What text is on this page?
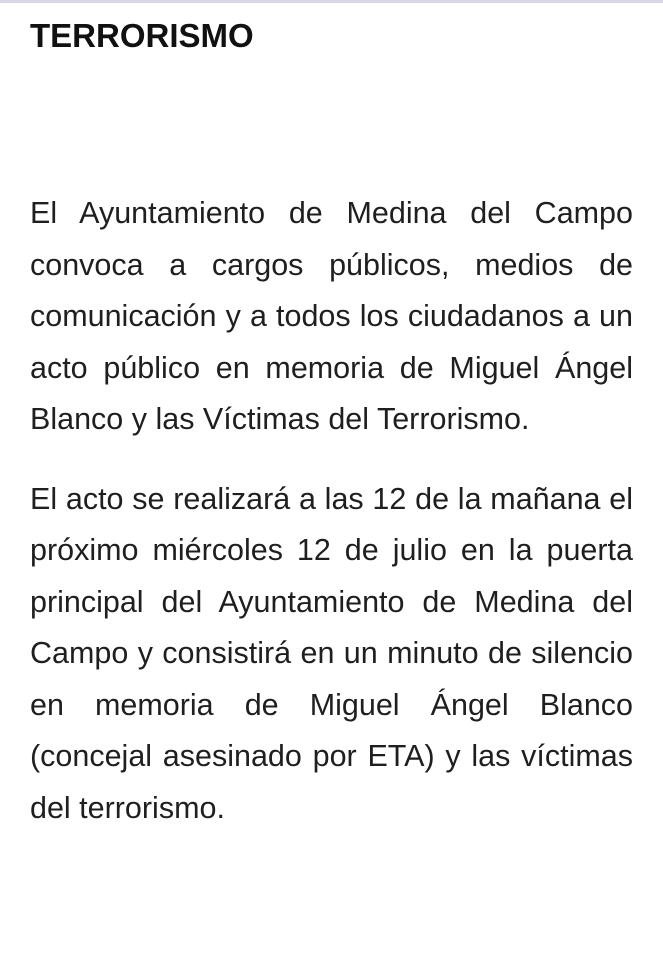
TERRORISMO

El Ayuntamiento de Medina del Campo convoca a cargos públicos, medios de comunicación y a todos los ciudadanos a un acto público en memoria de Miguel Ángel Blanco y las Víctimas del Terrorismo.

El acto se realizará a las 12 de la mañana el próximo miércoles 12 de julio en la puerta principal del Ayuntamiento de Medina del Campo y consistirá en un minuto de silencio en memoria de Miguel Ángel Blanco (concejal asesinado por ETA) y las víctimas del terrorismo.
